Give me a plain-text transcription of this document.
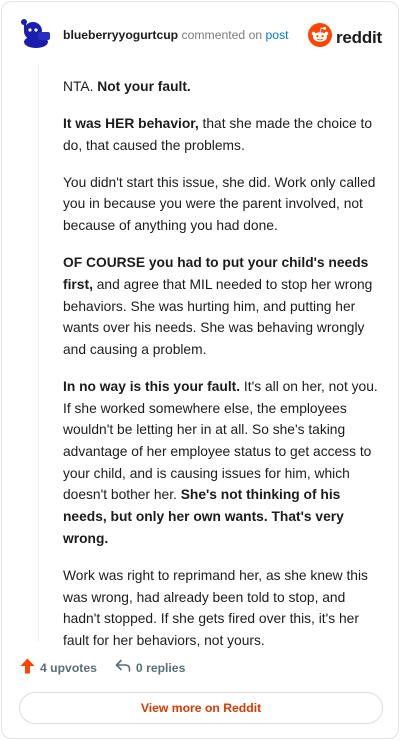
blueberryyogurtcup commented on post	reddit

NTA. Not your fault.

It was HER behavior, that she made the choice to do, that caused the problems.

You didn't start this issue, she did. Work only called you in because you were the parent involved, not because of anything you had done.

OF COURSE you had to put your child's needs first, and agree that MIL needed to stop her wrong behaviors. She was hurting him, and putting her wants over his needs. She was behaving wrongly and causing a problem.

In no way is this your fault. It's all on her, not you. If she worked somewhere else, the employees wouldn't be letting her in at all. So she's taking advantage of her employee status to get access to your child, and is causing issues for him, which doesn't bother her. She's not thinking of his needs, but only her own wants. That's very wrong.

Work was right to reprimand her, as she knew this was wrong, had already been told to stop, and hadn't stopped. If she gets fired over this, it's her fault for her behaviors, not yours.

4 upvotes	0 replies
View more on Reddit
